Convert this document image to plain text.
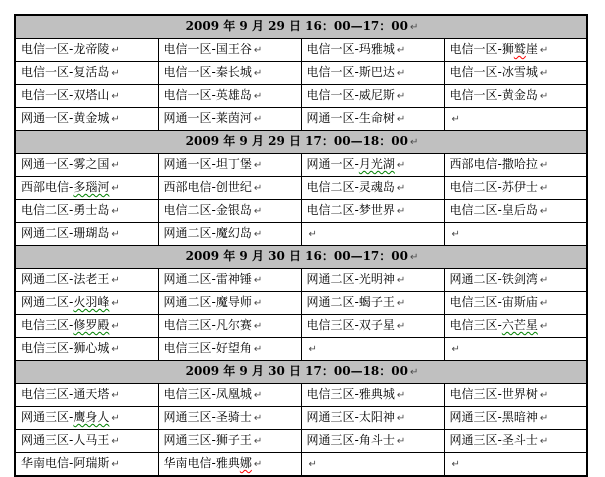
2009 年 9 月 29 日 16：00—17：00 ↵			
电信一区-龙帝陵 ↵	电信一区-国王谷 ↵	电信一区-玛雅城 ↵	电信一区-狮鹫崖 ↵
电信一区-复活岛 ↵	电信一区-秦长城 ↵	电信一区-斯巴达 ↵	电信一区-冰雪城 ↵
电信一区-双塔山 ↵	电信一区-英雄岛 ↵	电信一区-威尼斯 ↵	电信一区-黄金岛 ↵
网通一区-黄金城 ↵	网通一区-莱茵河 ↵	网通一区-生命树 ↵	↵
2009 年 9 月 29 日 17：00—18：00 ↵			
网通一区-雾之国 ↵	网通一区-坦丁堡 ↵	网通一区-月光湖 ↵	西部电信-撒哈拉 ↵
西部电信-多瑙河 ↵	西部电信-创世纪 ↵	电信二区-灵魂岛 ↵	电信二区-苏伊士 ↵
电信二区-勇士岛 ↵	电信二区-金银岛 ↵	电信二区-梦世界 ↵	电信二区-皇后岛 ↵
网通二区-珊瑚岛 ↵	网通二区-魔幻岛 ↵	↵	↵
2009 年 9 月 30 日 16：00—17：00 ↵			
网通二区-法老王 ↵	网通二区-雷神锤 ↵	网通二区-光明神 ↵	网通二区-铁剑湾 ↵
网通二区-火羽峰 ↵	网通二区-魔导师 ↵	网通二区-蝎子王 ↵	电信三区-宙斯庙 ↵
电信三区-修罗殿 ↵	电信三区-凡尔赛 ↵	电信三区-双子星 ↵	电信三区-六芒星 ↵
电信三区-狮心城 ↵	电信三区-好望角 ↵	↵	↵
2009 年 9 月 30 日 17：00—18：00 ↵			
电信三区-通天塔 ↵	电信三区-凤凰城 ↵	电信三区-雅典城 ↵	电信三区-世界树 ↵
网通三区-鹰身人 ↵	网通三区-圣骑士 ↵	网通三区-太阳神 ↵	网通三区-黑暗神 ↵
网通三区-人马王 ↵	网通三区-狮子王 ↵	网通三区-角斗士 ↵	网通三区-圣斗士 ↵
华南电信-阿瑞斯 ↵	华南电信-雅典娜 ↵	↵	↵
